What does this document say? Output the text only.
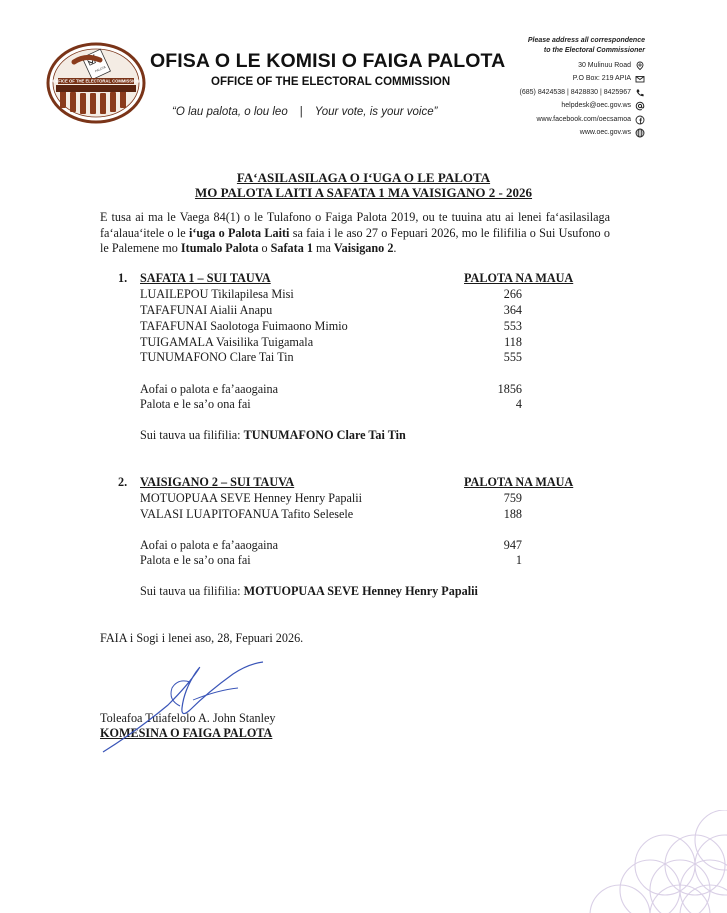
PALOTA
OFFICE OF THE ELECTORAL COMMISSION
OFISA O LE KOMISI O FAIGA PALOTA
OFFICE OF THE ELECTORAL COMMISSION
“O lau palota, o lou leo | Your vote, is your voice”
Please address all correspondence
to the Electoral Commissioner
30 Mulinuu Road
P.O Box: 219 APIA
(685) 8424538 | 8428830 | 8425967
helpdesk@oec.gov.ws
www.facebook.com/oecsamoa
www.oec.gov.ws
FA‘ASILASILAGA O I‘UGA O LE PALOTA
MO PALOTA LAITI A SAFATA 1 MA VAISIGANO 2 - 2026
E tusa ai ma le Vaega 84(1) o le Tulafono o Faiga Palota 2019, ou te tuuina atu ai lenei fa‘asilasilaga fa‘alaua‘itele o le i‘uga o Palota Laiti sa faia i le aso 27 o Fepuari 2026, mo le filifilia o Sui Usufono o le Palemene mo Itumalo Palota o Safata 1 ma Vaisigano 2.
1. SAFATA 1 – SUI TAUVA	PALOTA NA MAUA
LUAILEPOU Tikilapilesa Misi	266
TAFAFUNAI Aialii Anapu	364
TAFAFUNAI Saolotoga Fuimaono Mimio	553
TUIGAMALA Vaisilika Tuigamala	118
TUNUMAFONO Clare Tai Tin	555
Aofai o palota e fa’aaogaina	1856
Palota e le sa’o ona fai	4
Sui tauva ua filifilia: TUNUMAFONO Clare Tai Tin
2. VAISIGANO 2 – SUI TAUVA	PALOTA NA MAUA
MOTUOPUAA SEVE Henney Henry Papalii	759
VALASI LUAPITOFANUA Tafito Selesele	188
Aofai o palota e fa’aaogaina	947
Palota e le sa’o ona fai	1
Sui tauva ua filifilia: MOTUOPUAA SEVE Henney Henry Papalii
FAIA i Sogi i lenei aso, 28, Fepuari 2026.
Toleafoa Tuiafelolo A. John Stanley
KOMESINA O FAIGA PALOTA
